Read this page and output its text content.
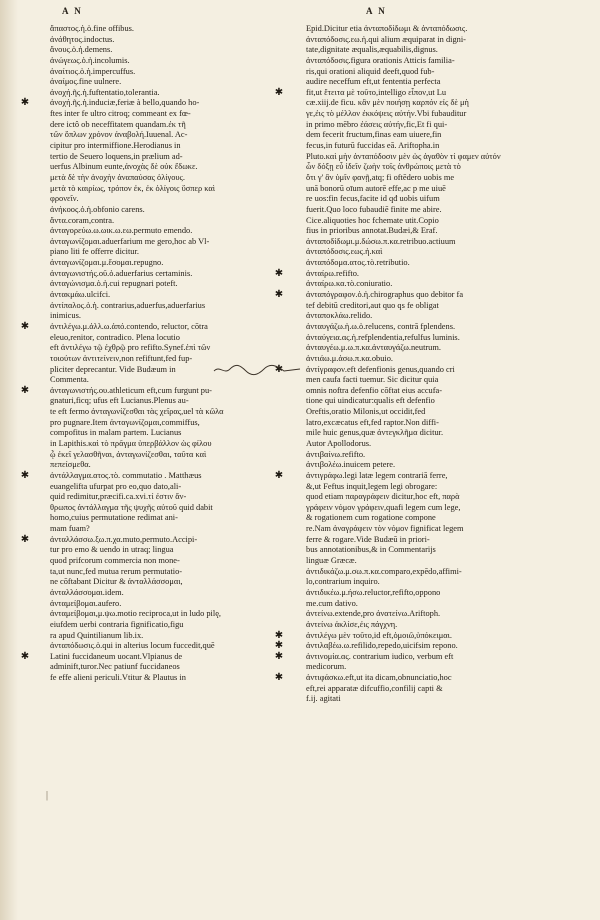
A N	A N
ἄπαστος.ἡ.ὁ.fine offibus.
ἀνάθητος.indoctus.
ἄνους.ὁ.ἡ.demens.
ἀνώγεως.ὁ.ἡ.incolumis.
ἀναίτιος.ὁ.ἡ.impercuffus.
ἀναίμος.fine uulnere.
ἀνοχή.ῆς.ἡ.fuftentatio,tolerantia.
✱ ἀνοχή.ῆς.ἡ.induciæ,feriæ à bello,quando ho-
ftes inter fe ultro citroq; commeant ex fœ-
dere ictô ob neceffitatem quandam.ἐκ τῆ
τῶν ὅπλων χρόνον ἀναβολή.Iuuenal. Ac-
cipitur pro intermiffione.Herodianus in
tertio de Seuero loquens,in prælium ad-
uerfus Albinum eunte,ἀνοχὰς δὲ οὐκ ἔδωκε.
μετὰ δὲ τὴν ἀνοχὴν ἀναπαύσας ὀλίγους.
μετὰ τὸ καιρίως, τρόπον ἐκ, ἐκ ὀλίγοις ὕσπερ καὶ
φρονεῖν.
ἀνήκοος.ὁ.ἡ.obfonio carens.
ἄντα.coram,contra.
ἀνταγορεύω.ω.ωικ.ω.εω.permuto emendo.
ἀνταγωνίζομαι.aduerfarium me gero,hoc ab Vl-
piano liti fe offerre dicitur.
ἀνταγωνίζομαι.μ.ἔσομαι.repugno.
ἀνταγωνιστής.οῦ.ὁ.aduerfarius certaminis.
ἀνταγώνισμα.ὁ.ἡ.cui repugnari poteft.
ἀντακμάω.ulcifci.
ἀντίπαλος.ὁ.ἡ. contrarius,aduerfus,aduerfarius
inimicus.
✱ ἀντιλέγω.μ.ἀλλ.ω.ἀπό.contendo, reluctor, cōtra
eleuo,renitor, contradico. Plena locutio
eft ἀντιλέγω τῷ ἐχθρῷ pro refifto.Synef.ἐπὶ τῶν
τοιούτων ἀντιτείνειν,non refiftunt,fed fup-
pliciter deprecantur. Vide Budæum in
Commenta.
✱ ἀνταγωνιστής.ου.athleticum eft,cum furgunt pu-
gnaturi,ficq; ufus eft Lucianus.Plenus au-
te eft fermo ἀνταγωνίζεσθαι τὰς χεῖρας,uel τὰ κῶλα
pro pugnare.Item ἀνταγωνίζομαι,commiffus,
compofitus in malam partem. Lucianus
in Lapithis.καὶ τὸ πρᾶγμα ὑπερβάλλον ὡς φίλου
ᾧ ἐκεῖ γελασθῆναι, ἀνταγωνίζεσθαι, ταῦτα καὶ
πεπείσμεθα.
✱ ἀντάλλαγμα.ατος.τὸ. commutatio . Matthæus
euangelifta ufurpat pro eo,quo dato,ali-
quid redimitur,præcifi.ca.xvi.τί ἐστιν ἄν-
θρωπος ἀντάλλαγμα τῆς ψυχῆς αὐτοῦ quid dabit
homo,cuius permutatione redimat ani-
mam fuam?
✱ ἀνταλλάσσω.ξω.π.χα.muto,permuto.Accipi-
tur pro emo & uendo in utraq; lingua
quod prifcorum commercia non mone-
ta,ut nunc,fed mutua rerum permutatio-
ne cōftabant Dicitur & ἀνταλλάσσομαι,
ἀνταλλάσσομαι.idem.
ἀνταμείβομαι.aufero.
ἀνταμείβομαι,μ.ψω.motio reciproca,ut in ludo pilę,
eiufdem uerbi contraria fignificatio,figu
ra apud Quintilianum lib.ix.
ἀνταπόδωσις.ὁ.qui in alterius locum fuccedit,quē
✱ Latini fuccidaneum uocant.Vlpianus de
adminift,turor.Nec patiunf fuccidaneos
fe effe alieni periculi.Vtitur & Plautus in
Epid.Dicitur etia ἀνταποδίδωμι & ἀνταπόδωσις.
ἀνταπόδοσις.εω.ἡ.qui alium æquiparat in digni-
tate,dignitate æqualis,æquabilis,dignus.
ἀνταπόδοσις.figura orationis Atticis familia-
ris,qui orationi aliquid deeft,quod fub-
audire neceffum eft,ut fententia perfecta
✱	fit,ut ἔτειτα μὲ τοῦτο,intelligo εἶπον,ut Lu
cæ.xiij.de ficu. κἂν μὲν ποιήσῃ καρπόν εἰς δὲ μὴ
γε,ἐις τὸ μέλλον ἐκκόψεις αὐτήν.Vbi fubauditur
in primo mēbro ἐάσεις αὐτήν,fic,Et fi qui-
dem fecerit fructum,finas eam uiuere,fin
fecus,in futurū fuccidas eā. Ariftopha.in
Pluto.καὶ μὴν ἀνταπόδοσιν μὲν ὡς ἀγαθὸν τί φαμεν αὐτόν
ὧν δόξῃ εὖ ἰδεῖν ζωὴν τοῖς ἀνθρώποις μετὰ τὸ
ὅτι γ' ἂν ὑμῖν φανῇ,atq; fi oftēdero uobis me
unā bonorū oīum autorē effe,ac p me uiuē
re uos:fin fecus,facite id qđ uobis uifum
fuerit.Quo loco fubaudiē finite me abire.
Cice.aliquoties hoc fchemate utit.Copio
fius in prioribus annotat.Budæi,& Eraf.
ἀνταποδίδωμι.μ.δώσω.π.κα.retribuo.actiuum
ἀνταπόδοσις.εως.ἡ.καὶ
ἀνταπόδομα.ατος.τὸ.retributio.
✱	ἀνταίρω.refifto.
ἀνταίρω.κα.τὸ.coniuratio.
✱	ἀνταπόγραφον.ὁ.ἡ.chirographus quo debitor fa
tef debitū creditori,aut quo qs fe obligat
ἀνταποκλάω.relido.
ἀνταυγάζω.ἡ.ω.ὁ.relucens, contrā fplendens.
ἀνταύγεια.ας.ἡ.refplendentia,refulfus luminis.
ἀνταυγέω.μ.ω.π.κα.ἀνταυγάζω.neutrum.
ἀντιάω.μ.ἀσω.π.κα.obuio.
✱	ἀντίγραφον.eft defenfionis genus,quando cri
men caufa facti tuemur. Sic dicitur quia
omnis noftra defenfio cōftat eius accufa-
tione qui uindicatur:qualis eft defenfio
Oreftis,oratio Milonis,ut occidit,fed
latro,excæcatus eft,fed raptor.Non diffi-
mile huic genus,quæ ἀντεγκλῆμα dicitur.
Autor Apollodorus.
ἀντιβαίνω.refifto.
ἀντιβολέω.inuicem petere.
✱	ἀντιγράφω.legi latæ legem contrariā ferre,
&,ut Feftus inquit,legem legi obrogare:
quod etiam παραγράφειν dicitur,hoc eft, παρὰ
γράφειν νόμον γράφειν,quafi legem cum lege,
& rogationem cum rogatione compone
re.Nam ἀναγράφειν τὸν νόμον fignificat legem
ferre & rogare.Vide Budæū in priori-
bus annotationibus,& in Commentarijs
linguæ Græcæ.
ἀντιδικάζω.μ.σω.π.κα.comparo,expēdo,affimi-
lo,contrarium inquiro.
ἀντιδικέω.μ.ήσω.reluctor,refifto,oppono
me.cum dativo.
ἀντείνω.extende,pro ἀνατείνω.Ariftoph.
ἀντείνω ἀκλίσε,ἐις πάγχνη.
✱	ἀντιλέγω μὲν τοῦτο,id eft,ὁμοιῶ,ὑπόκειμαι.
✱	ἀντιλαβέω.ω.refilido,repedo,uicifsim repono.
✱	ἀντινομία.ας. contrarium iudico, verbum eft
medicorum.
✱	ἀντιφάσκω.eft,ut ita dicam,obnunciatio,hoc
eft,rei apparatæ difcuffio,confilij capti &
f.ij. agitati
|
